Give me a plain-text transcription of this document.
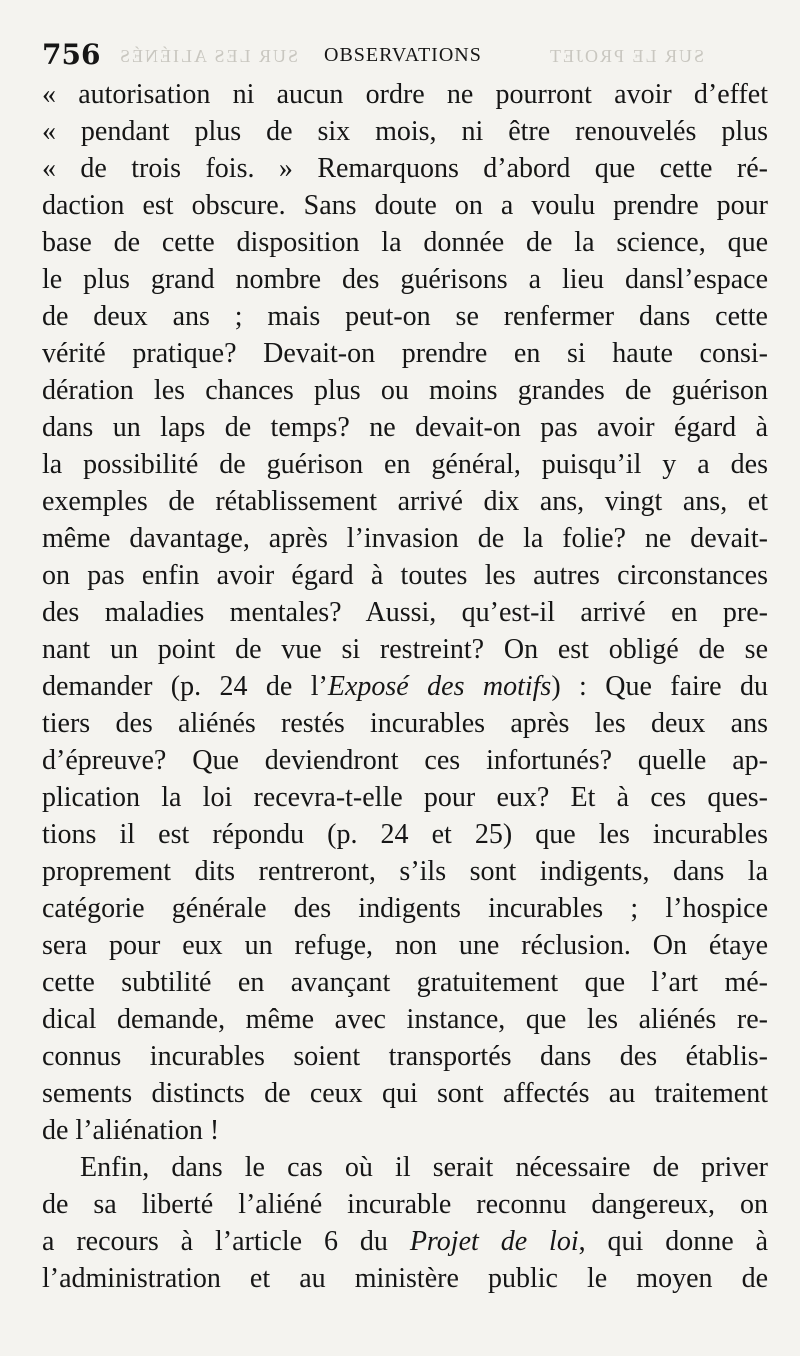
756 SUR LES ALIÉNÉS OBSERVATIONS	SUR LE PROJET
« autorisation ni aucun ordre ne pourront avoir d’effet
« pendant plus de six mois, ni être renouvelés plus
« de trois fois. » Remarquons d’abord que cette ré-
daction est obscure. Sans doute on a voulu prendre pour
base de cette disposition la donnée de la science, que
le plus grand nombre des guérisons a lieu dansl’espace
de deux ans ; mais peut-on se renfermer dans cette
vérité pratique? Devait-on prendre en si haute consi-
dération les chances plus ou moins grandes de guérison
dans un laps de temps? ne devait-on pas avoir égard à
la possibilité de guérison en général, puisqu’il y a des
exemples de rétablissement arrivé dix ans, vingt ans, et
même davantage, après l’invasion de la folie? ne devait-
on pas enfin avoir égard à toutes les autres circonstances
des maladies mentales? Aussi, qu’est-il arrivé en pre-
nant un point de vue si restreint? On est obligé de se
demander (p. 24 de l’Exposé des motifs) : Que faire du
tiers des aliénés restés incurables après les deux ans
d’épreuve? Que deviendront ces infortunés? quelle ap-
plication la loi recevra-t-elle pour eux? Et à ces ques-
tions il est répondu (p. 24 et 25) que les incurables
proprement dits rentreront, s’ils sont indigents, dans la
catégorie générale des indigents incurables ; l’hospice
sera pour eux un refuge, non une réclusion. On étaye
cette subtilité en avançant gratuitement que l’art mé-
dical demande, même avec instance, que les aliénés re-
connus incurables soient transportés dans des établis-
sements distincts de ceux qui sont affectés au traitement
de l’aliénation !
Enfin, dans le cas où il serait nécessaire de priver
de sa liberté l’aliéné incurable reconnu dangereux, on
a recours à l’article 6 du Projet de loi, qui donne à
l’administration et au ministère public le moyen de
